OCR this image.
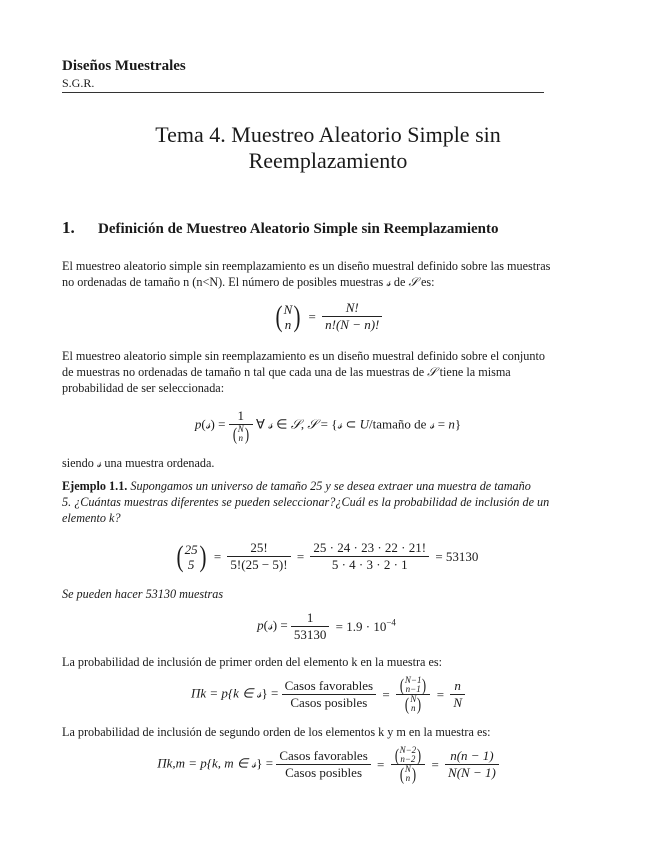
Diseños Muestrales
S.G.R.
Tema 4. Muestreo Aleatorio Simple sin
Reemplazamiento
1. Definición de Muestreo Aleatorio Simple sin Reemplazamiento
El muestreo aleatorio simple sin reemplazamiento es un diseño muestral definido sobre las muestras
no ordenadas de tamaño n (n<N). El número de posibles muestras 𝓈 de 𝒮 es:
( N
n ) = $\frac{N!}{n!(N - n)!}$
El muestreo aleatorio simple sin reemplazamiento es un diseño muestral definido sobre el conjunto
de muestras no ordenadas de tamaño n tal que cada una de las muestras de 𝒮 tiene la misma
probabilidad de ser seleccionada:
p(𝓈) =
1
( N
n )
∀ 𝓈 ∈ 𝒮, 𝒮 = {𝓈 ⊂ U/tamaño de 𝓈 = n}
siendo 𝓈 una muestra ordenada.
Ejemplo 1.1. Supongamos un universo de tamaño 25 y se desea extraer una muestra de tamaño
5. ¿Cuántas muestras diferentes se pueden seleccionar?¿Cuál es la probabilidad de inclusión de un
elemento k?
( 25
5 ) = $\frac{25!}{5!(25 - 5)!} = \frac{25 \cdot 24 \cdot 23 \cdot 22 \cdot 21!}{5 \cdot 4 \cdot 3 \cdot 2 \cdot 1} = 53130$
Se pueden hacer 53130 muestras
p(𝓈) = $\frac{1}{53130} = 1.9 \cdot 10^{-4}$
La probabilidad de inclusión de primer orden del elemento k en la muestra es:
Πk = p{k ∈ 𝓈} = $\frac{\text{Casos favorables}}{\text{Casos posibles}}$ = ( N−1
n−1 )
( N
n )
= $\frac{n}{N}$
La probabilidad de inclusión de segundo orden de los elementos k y m en la muestra es:
Πk,m = p{k, m ∈ 𝓈} = $\frac{\text{Casos favorables}}{\text{Casos posibles}}$ = ( N−2
n−2 )
( N
n )
= $\frac{n(n - 1)}{N(N - 1)}$
